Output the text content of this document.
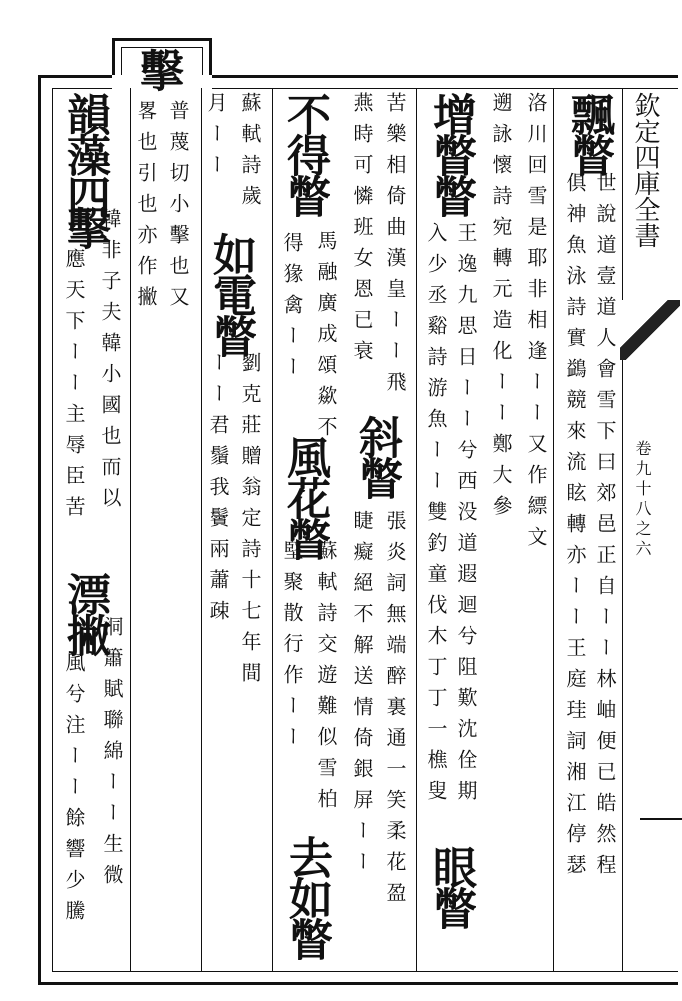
欽定四庫全書
卷九十八之六
飄瞥
世說道壹道人會雪下曰郊邑正自ーー林岫便已皓然程
俱神魚泳詩實鷁競來流眩轉亦ーー王庭珪詞湘江停瑟
洛川回雪是耶非相逢ーー又作縹文
遡詠懷詩宛轉元造化ーー鄭大參
增瞥瞥
王逸九思日ーー兮西没道遐迴兮阻歎沈佺期
入少丞谿詩游魚ーー雙釣童伐木丁丁一樵叟
苦樂相倚曲漢皇ーー飛
燕時可憐班女恩已衰
斜瞥
張炎詞無端醉裏通一笑柔花盈
睫癡絕不解送情倚銀屏ーー
眼瞥
不得瞥
馬融廣成頌歘不
得猭禽ーー
風花瞥
蘇軾詩交遊難似雪柏
堅聚散行作ーー
去如瞥
蘇軾詩歲
月ーー
如電瞥
劉克莊贈翁定詩十七年間
ーー君鬚我鬢兩蕭疎
擊
普蔑切小擊也又
畧也引也亦作撇
韻藻四
擊
韓非子夫韓小國也而以
應天下ーー主辱臣苦
漂撇
洞簫賦聯綿ーー生微
風兮注ーー餘響少騰
